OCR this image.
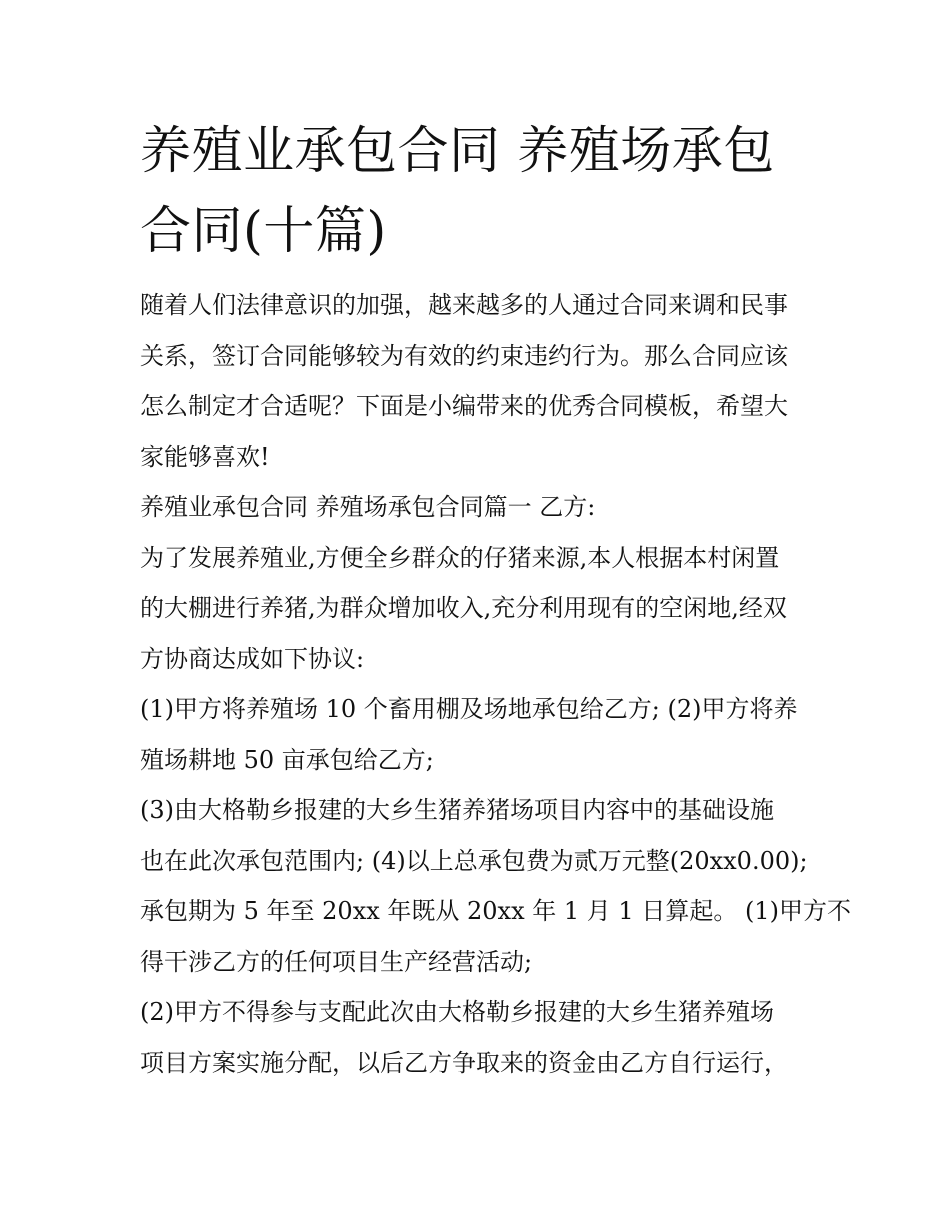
养殖业承包合同 养殖场承包合同(十篇)
随着人们法律意识的加强，越来越多的人通过合同来调和民事
关系，签订合同能够较为有效的约束违约行为。那么合同应该
怎么制定才合适呢？下面是小编带来的优秀合同模板，希望大
家能够喜欢!
养殖业承包合同 养殖场承包合同篇一 乙方:
为了发展养殖业,方便全乡群众的仔猪来源,本人根据本村闲置
的大棚进行养猪,为群众增加收入,充分利用现有的空闲地,经双
方协商达成如下协议:
(1)甲方将养殖场 10 个畜用棚及场地承包给乙方; (2)甲方将养
殖场耕地 50 亩承包给乙方;
(3)由大格勒乡报建的大乡生猪养猪场项目内容中的基础设施
也在此次承包范围内; (4)以上总承包费为贰万元整(20xx0.00);
承包期为 5 年至 20xx 年既从 20xx 年 1 月 1 日算起。 (1)甲方不
得干涉乙方的任何项目生产经营活动;
(2)甲方不得参与支配此次由大格勒乡报建的大乡生猪养殖场
项目方案实施分配，以后乙方争取来的资金由乙方自行运行，
